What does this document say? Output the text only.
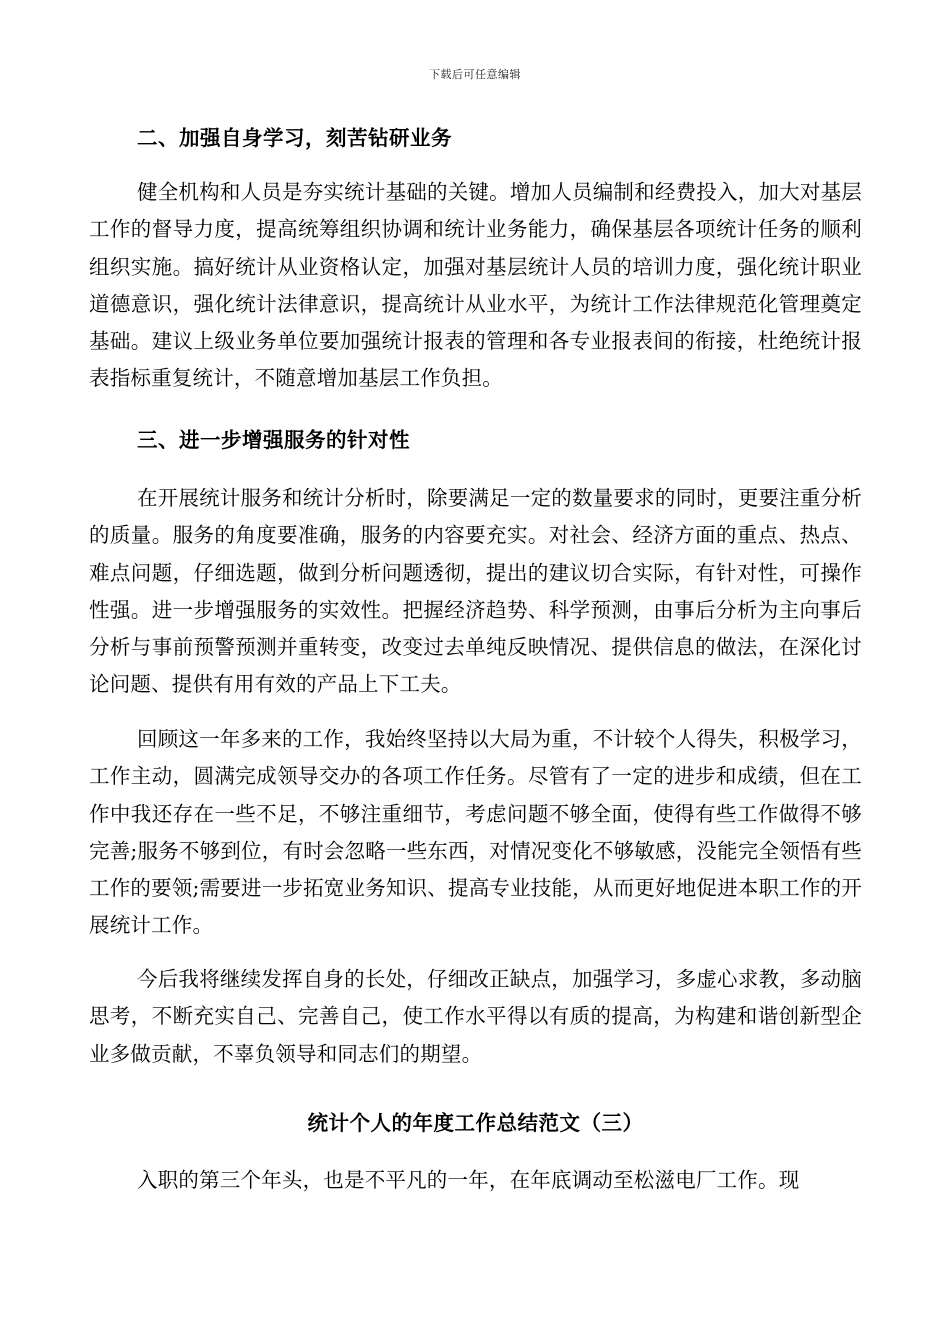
下载后可任意编辑

二、加强自身学习，刻苦钻研业务

健全机构和人员是夯实统计基础的关键。增加人员编制和经费投入，加大对基层工作的督导力度，提高统筹组织协调和统计业务能力，确保基层各项统计任务的顺利组织实施。搞好统计从业资格认定，加强对基层统计人员的培训力度，强化统计职业道德意识，强化统计法律意识，提高统计从业水平，为统计工作法律规范化管理奠定基础。建议上级业务单位要加强统计报表的管理和各专业报表间的衔接，杜绝统计报表指标重复统计，不随意增加基层工作负担。

三、进一步增强服务的针对性

在开展统计服务和统计分析时，除要满足一定的数量要求的同时，更要注重分析的质量。服务的角度要准确，服务的内容要充实。对社会、经济方面的重点、热点、难点问题，仔细选题，做到分析问题透彻，提出的建议切合实际，有针对性，可操作性强。进一步增强服务的实效性。把握经济趋势、科学预测，由事后分析为主向事后分析与事前预警预测并重转变，改变过去单纯反映情况、提供信息的做法，在深化讨论问题、提供有用有效的产品上下工夫。

回顾这一年多来的工作，我始终坚持以大局为重，不计较个人得失，积极学习，工作主动，圆满完成领导交办的各项工作任务。尽管有了一定的进步和成绩，但在工作中我还存在一些不足，不够注重细节，考虑问题不够全面，使得有些工作做得不够完善;服务不够到位，有时会忽略一些东西，对情况变化不够敏感，没能完全领悟有些工作的要领;需要进一步拓宽业务知识、提高专业技能，从而更好地促进本职工作的开展统计工作。

今后我将继续发挥自身的长处，仔细改正缺点，加强学习，多虚心求教，多动脑思考，不断充实自己、完善自己，使工作水平得以有质的提高，为构建和谐创新型企业多做贡献，不辜负领导和同志们的期望。

统计个人的年度工作总结范文（三）

入职的第三个年头，也是不平凡的一年，在年底调动至松滋电厂工作。现
